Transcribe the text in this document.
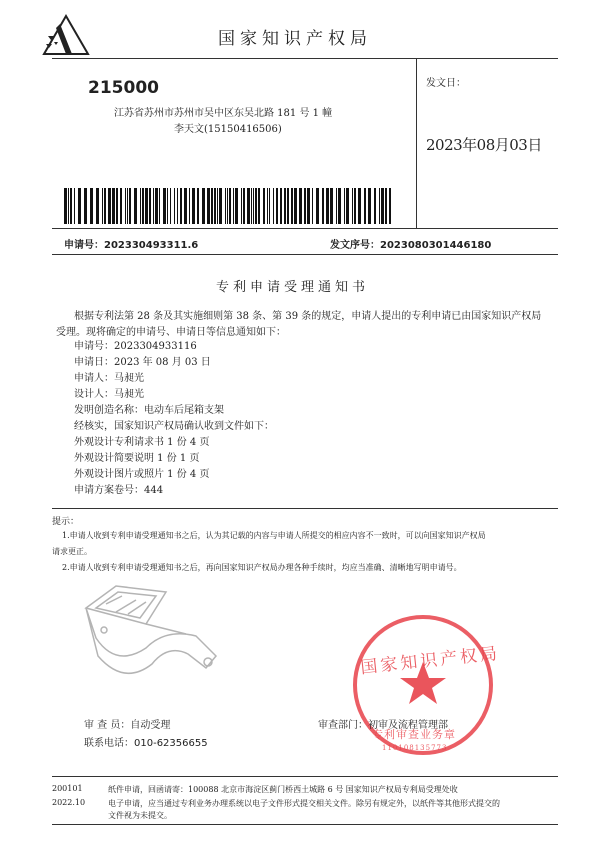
国家知识产权局
215000
江苏省苏州市苏州市吴中区东吴北路 181 号 1 幢
李天文(15150416506)
发文日：
2023年08月03日
申请号：202330493311.6	发文序号：2023080301446180
专利申请受理通知书
根据专利法第 28 条及其实施细则第 38 条、第 39 条的规定，申请人提出的专利申请已由国家知识产权局
受理。现将确定的申请号、申请日等信息通知如下：
申请号：2023304933116
申请日：2023 年 08 月 03 日
申请人：马昶光
设计人：马昶光
发明创造名称：电动车后尾箱支架
经核实，国家知识产权局确认收到文件如下：
外观设计专利请求书 1 份 4 页
外观设计简要说明 1 份 1 页
外观设计图片或照片 1 份 4 页
申请方案卷号：444
提示：
1.申请人收到专利申请受理通知书之后，认为其记载的内容与申请人所提交的相应内容不一致时，可以向国家知识产权局
请求更正。
2.申请人收到专利申请受理通知书之后，再向国家知识产权局办理各种手续时，均应当准确、清晰地写明申请号。
国家知识产权局
专利审查业务章
110108135773
审 查 员：自动受理	审查部门：初审及流程管理部
联系电话：010-62356655
200101	纸件申请，回函请寄：100088 北京市海淀区蓟门桥西土城路 6 号 国家知识产权局专利局受理处收
2022.10	电子申请，应当通过专利业务办理系统以电子文件形式提交相关文件。除另有规定外，以纸件等其他形式提交的
文件视为未提交。
